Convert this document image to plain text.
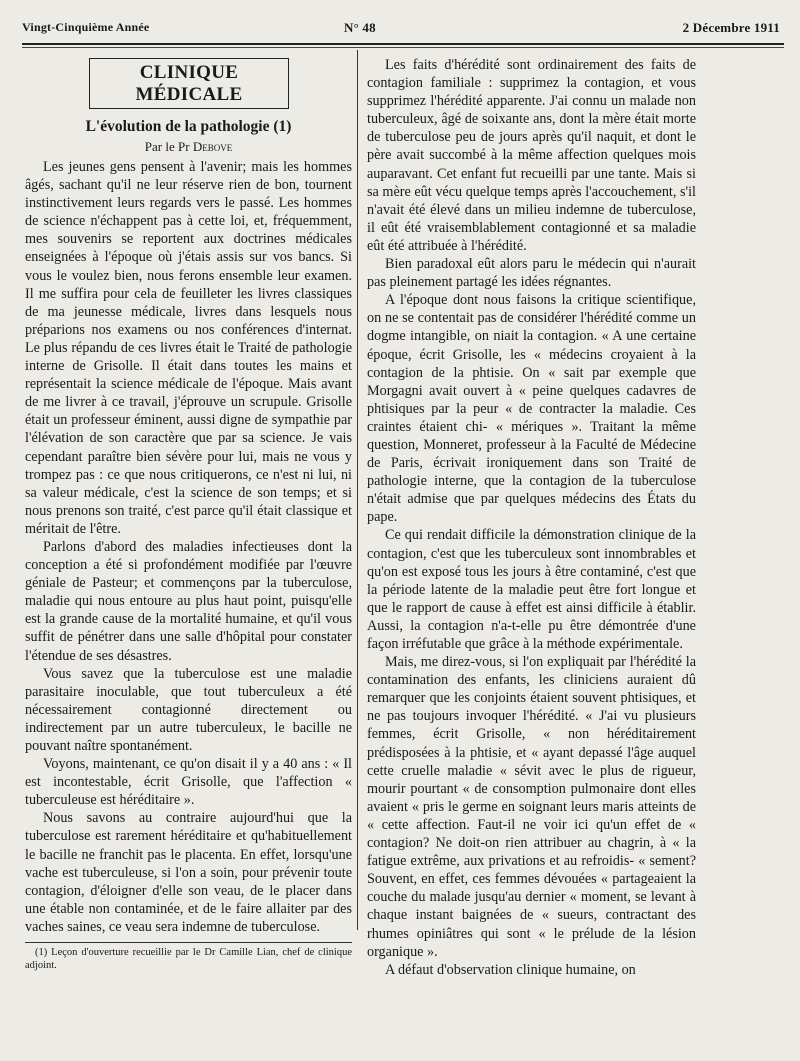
Vingt-Cinquième Année	N° 48	2 Décembre 1911
CLINIQUE MÉDICALE
L'évolution de la pathologie (1)
Par le Pr Debove

Les jeunes gens pensent à l'avenir; mais les hommes âgés, sachant qu'il ne leur réserve rien de bon, tournent instinctivement leurs regards vers le passé. Les hommes de science n'échappent pas à cette loi, et, fréquemment, mes souvenirs se reportent aux doctrines médicales enseignées à l'époque où j'étais assis sur vos bancs. Si vous le voulez bien, nous ferons ensemble leur examen. Il me suffira pour cela de feuilleter les livres classiques de ma jeunesse médicale, livres dans lesquels nous préparions nos examens ou nos conférences d'internat. Le plus répandu de ces livres était le Traité de pathologie interne de Grisolle. Il était dans toutes les mains et représentait la science médicale de l'époque. Mais avant de me livrer à ce travail, j'éprouve un scrupule. Grisolle était un professeur éminent, aussi digne de sympathie par l'élévation de son caractère que par sa science. Je vais cependant paraître bien sévère pour lui, mais ne vous y trompez pas : ce que nous critiquerons, ce n'est ni lui, ni sa valeur médicale, c'est la science de son temps; et si nous prenons son traité, c'est parce qu'il était classique et méritait de l'être.

Parlons d'abord des maladies infectieuses dont la conception a été si profondément modifiée par l'œuvre géniale de Pasteur; et commençons par la tuberculose, maladie qui nous entoure au plus haut point, puisqu'elle est la grande cause de la mortalité humaine, et qu'il vous suffit de pénétrer dans une salle d'hôpital pour constater l'étendue de ses désastres.

Vous savez que la tuberculose est une maladie parasitaire inoculable, que tout tuberculeux a été nécessairement contagionné directement ou indirectement par un autre tuberculeux, le bacille ne pouvant naître spontanément.

Voyons, maintenant, ce qu'on disait il y a 40 ans : « Il est incontestable, écrit Grisolle, que l'affection « tuberculeuse est héréditaire ».

Nous savons au contraire aujourd'hui que la tuberculose est rarement héréditaire et qu'habituellement le bacille ne franchit pas le placenta. En effet, lorsqu'une vache est tuberculeuse, si l'on a soin, pour prévenir toute contagion, d'éloigner d'elle son veau, de le placer dans une étable non contaminée, et de le faire allaiter par des vaches saines, ce veau sera indemne de tuberculose.

(1) Leçon d'ouverture recueillie par le Dr Camille Lian, chef de clinique adjoint.

Les faits d'hérédité sont ordinairement des faits de contagion familiale : supprimez la contagion, et vous supprimez l'hérédité apparente. J'ai connu un malade non tuberculeux, âgé de soixante ans, dont la mère était morte de tuberculose peu de jours après qu'il naquit, et dont le père avait succombé à la même affection quelques mois auparavant. Cet enfant fut recueilli par une tante. Mais si sa mère eût vécu quelque temps après l'accouchement, s'il n'avait été élevé dans un milieu indemne de tuberculose, il eût été vraisemblablement contagionné et sa maladie eût été attribuée à l'hérédité.

Bien paradoxal eût alors paru le médecin qui n'aurait pas pleinement partagé les idées régnantes.

A l'époque dont nous faisons la critique scientifique, on ne se contentait pas de considérer l'hérédité comme un dogme intangible, on niait la contagion. « A une certaine époque, écrit Grisolle, les « médecins croyaient à la contagion de la phtisie. On « sait par exemple que Morgagni avait ouvert à « peine quelques cadavres de phtisiques par la peur « de contracter la maladie. Ces craintes étaient chi- « mériques ». Traitant la même question, Monneret, professeur à la Faculté de Médecine de Paris, écrivait ironiquement dans son Traité de pathologie interne, que la contagion de la tuberculose n'était admise que par quelques médecins des États du pape.

Ce qui rendait difficile la démonstration clinique de la contagion, c'est que les tuberculeux sont innombrables et qu'on est exposé tous les jours à être contaminé, c'est que la période latente de la maladie peut être fort longue et que le rapport de cause à effet est ainsi difficile à établir. Aussi, la contagion n'a-t-elle pu être démontrée d'une façon irréfutable que grâce à la méthode expérimentale.

Mais, me direz-vous, si l'on expliquait par l'hérédité la contamination des enfants, les cliniciens auraient dû remarquer que les conjoints étaient souvent phtisiques, et ne pas toujours invoquer l'hérédité. « J'ai vu plusieurs femmes, écrit Grisolle, « non héréditairement prédisposées à la phtisie, et « ayant depassé l'âge auquel cette cruelle maladie « sévit avec le plus de rigueur, mourir pourtant « de consomption pulmonaire dont elles avaient « pris le germe en soignant leurs maris atteints de « cette affection. Faut-il ne voir ici qu'un effet de « contagion? Ne doit-on rien attribuer au chagrin, à « la fatigue extrême, aux privations et au refroidis- « sement? Souvent, en effet, ces femmes dévouées « partageaient la couche du malade jusqu'au dernier « moment, se levant à chaque instant baignées de « sueurs, contractant des rhumes opiniâtres qui sont « le prélude de la lésion organique ».

A défaut d'observation clinique humaine, on
